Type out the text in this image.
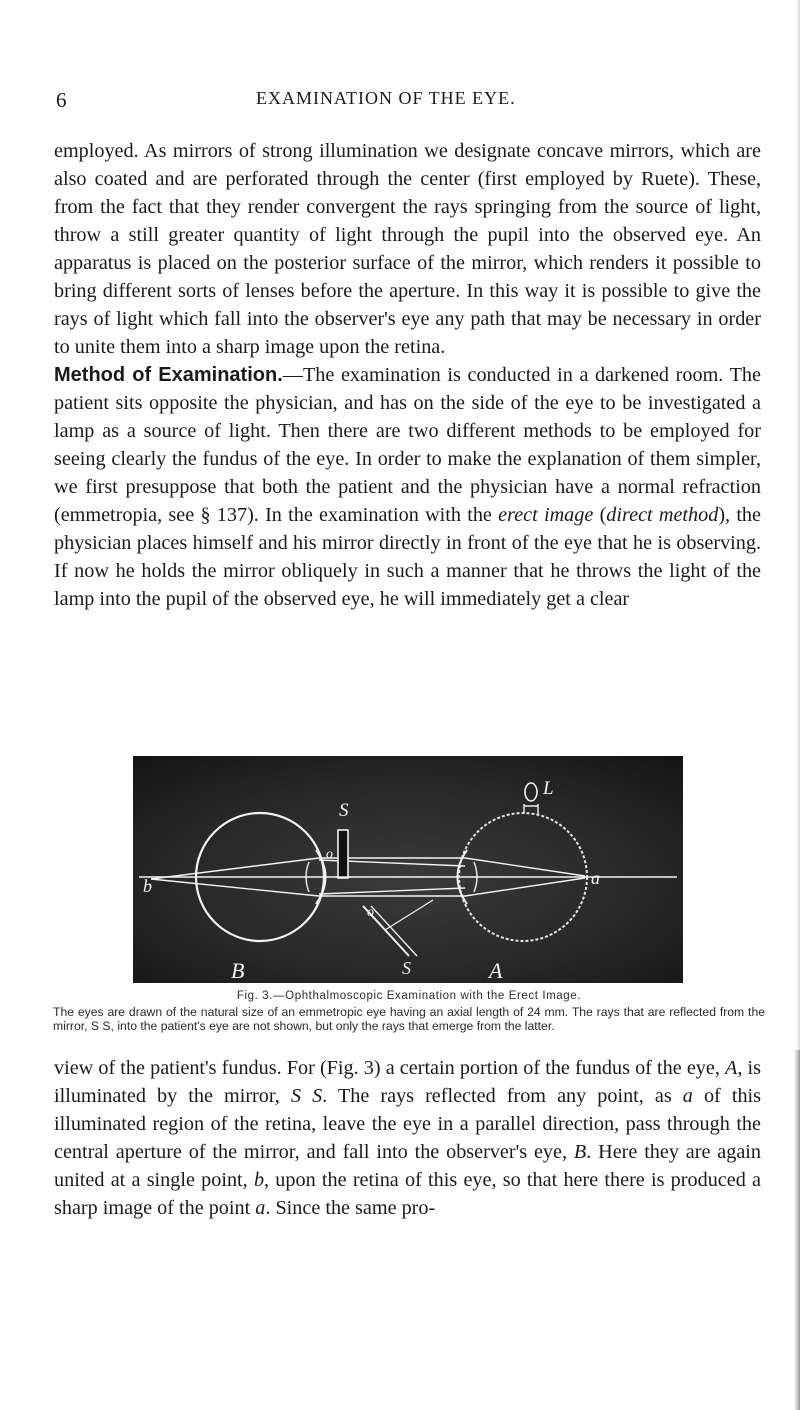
6	EXAMINATION OF THE EYE.

employed. As mirrors of strong illumination we designate concave mirrors, which are also coated and are perforated through the center (first employed by Ruete). These, from the fact that they render convergent the rays springing from the source of light, throw a still greater quantity of light through the pupil into the observed eye. An apparatus is placed on the posterior surface of the mirror, which renders it possible to bring different sorts of lenses before the aperture. In this way it is possible to give the rays of light which fall into the observer's eye any path that may be necessary in order to unite them into a sharp image upon the retina.

Method of Examination.—The examination is conducted in a darkened room. The patient sits opposite the physician, and has on the side of the eye to be investigated a lamp as a source of light. Then there are two different methods to be employed for seeing clearly the fundus of the eye. In order to make the explanation of them simpler, we first presuppose that both the patient and the physician have a normal refraction (emmetropia, see § 137). In the examination with the erect image (direct method), the physician places himself and his mirror directly in front of the eye that he is observing. If now he holds the mirror obliquely in such a manner that he throws the light of the lamp into the pupil of the observed eye, he will immediately get a clear

L
S
b	a
o
o
B	S	A
Fig. 3.—Ophthalmoscopic Examination with the Erect Image.
The eyes are drawn of the natural size of an emmetropic eye having an axial length of 24 mm. The rays that are reflected from the mirror, S S, into the patient's eye are not shown, but only the rays that emerge from the latter.

view of the patient's fundus. For (Fig. 3) a certain portion of the fundus of the eye, A, is illuminated by the mirror, S S. The rays reflected from any point, as a of this illuminated region of the retina, leave the eye in a parallel direction, pass through the central aperture of the mirror, and fall into the observer's eye, B. Here they are again united at a single point, b, upon the retina of this eye, so that here there is produced a sharp image of the point a. Since the same pro-
